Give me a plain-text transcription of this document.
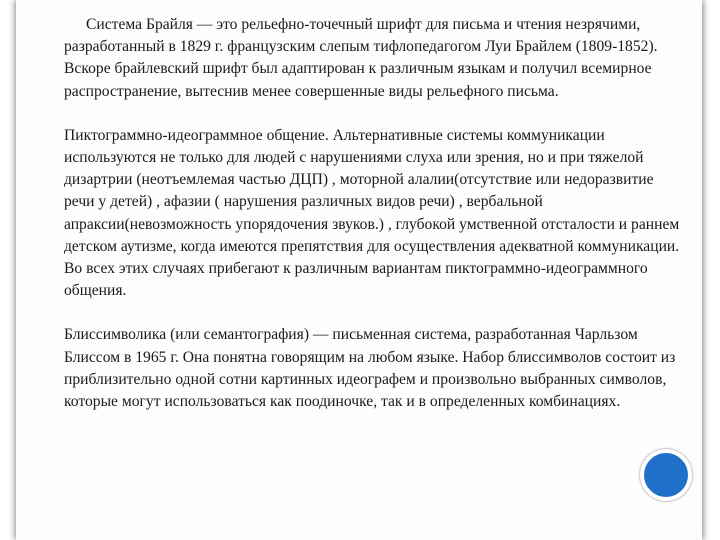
Система Брайля — это рельефно-точечный шрифт для письма и чтения незрячими, разработанный в 1829 г. французским слепым тифлопедагогом Луи Брайлем (1809-1852). Вскоре брайлевский шрифт был адаптирован к различным языкам и получил всемирное распространение, вытеснив менее совершенные виды рельефного письма.

Пиктограммно-идеограммное общение. Альтернативные системы коммуникации используются не только для людей с нарушениями слуха или зрения, но и при тяжелой дизартрии (неотъемлемая частью ДЦП) , моторной алалии(отсутствие или недоразвитие речи у детей) , афазии ( нарушения различных видов речи) , вербальной апраксии(невозможность упорядочения звуков.) , глубокой умственной отсталости и раннем детском аутизме, когда имеются препятствия для осуществления адекватной коммуникации. Во всех этих случаях прибегают к различным вариантам пиктограммно-идеограммного общения.

Блиссимволика (или семантография) — письменная система, разработанная Чарльзом Блиссом в 1965 г. Она понятна говорящим на любом языке. Набор блиссимволов состоит из приблизительно одной сотни картинных идеографем и произвольно выбранных символов, которые могут использоваться как поодиночке, так и в определенных комбинациях.
